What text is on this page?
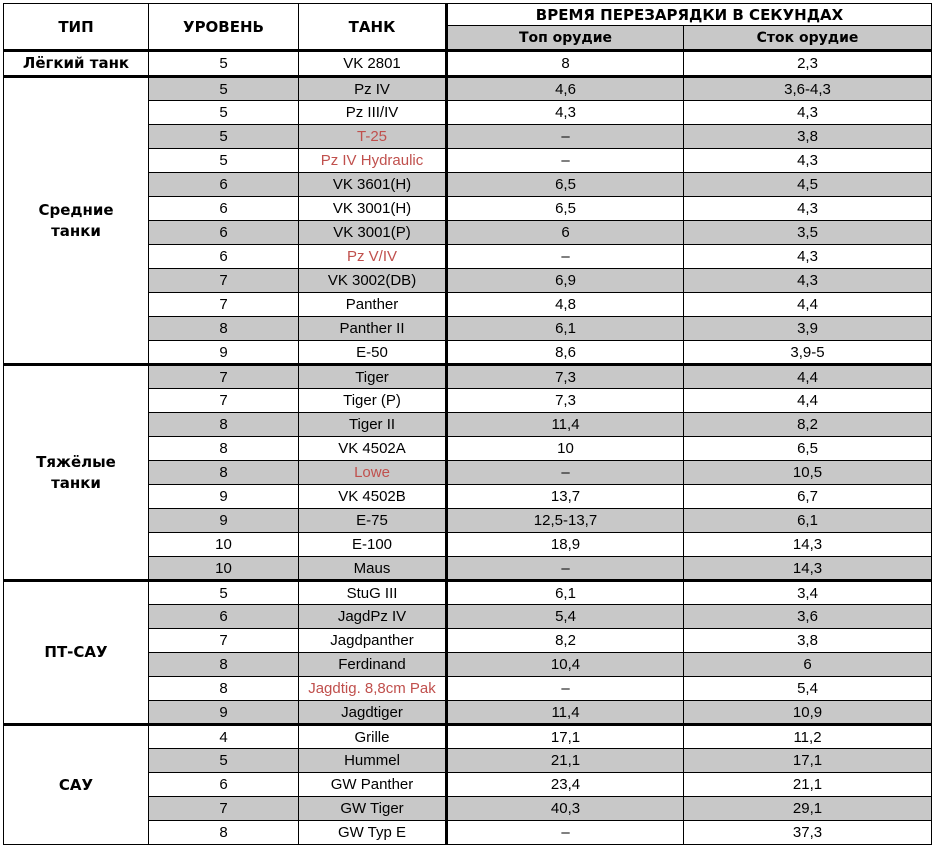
ТИП	УРОВЕНЬ	ТАНК	ВРЕМЯ ПЕРЕЗАРЯДКИ В СЕКУНДАХ	
			Топ орудие	Сток орудие
Лёгкий танк	5	VK 2801	8	2,3
Средние танки	5	Pz IV	4,6	3,6-4,3
	5	Pz III/IV	4,3	4,3
	5	T-25	–	3,8
	5	Pz IV Hydraulic	–	4,3
	6	VK 3601(H)	6,5	4,5
	6	VK 3001(H)	6,5	4,3
	6	VK 3001(P)	6	3,5
	6	Pz V/IV	–	4,3
	7	VK 3002(DB)	6,9	4,3
	7	Panther	4,8	4,4
	8	Panther II	6,1	3,9
	9	E-50	8,6	3,9-5
Тяжёлые танки	7	Tiger	7,3	4,4
	7	Tiger (P)	7,3	4,4
	8	Tiger II	11,4	8,2
	8	VK 4502A	10	6,5
	8	Lowe	–	10,5
	9	VK 4502B	13,7	6,7
	9	E-75	12,5-13,7	6,1
	10	E-100	18,9	14,3
	10	Maus	–	14,3
ПТ-САУ	5	StuG III	6,1	3,4
	6	JagdPz IV	5,4	3,6
	7	Jagdpanther	8,2	3,8
	8	Ferdinand	10,4	6
	8	Jagdtig. 8,8cm Pak	–	5,4
	9	Jagdtiger	11,4	10,9
САУ	4	Grille	17,1	11,2
	5	Hummel	21,1	17,1
	6	GW Panther	23,4	21,1
	7	GW Tiger	40,3	29,1
	8	GW Typ E	–	37,3
